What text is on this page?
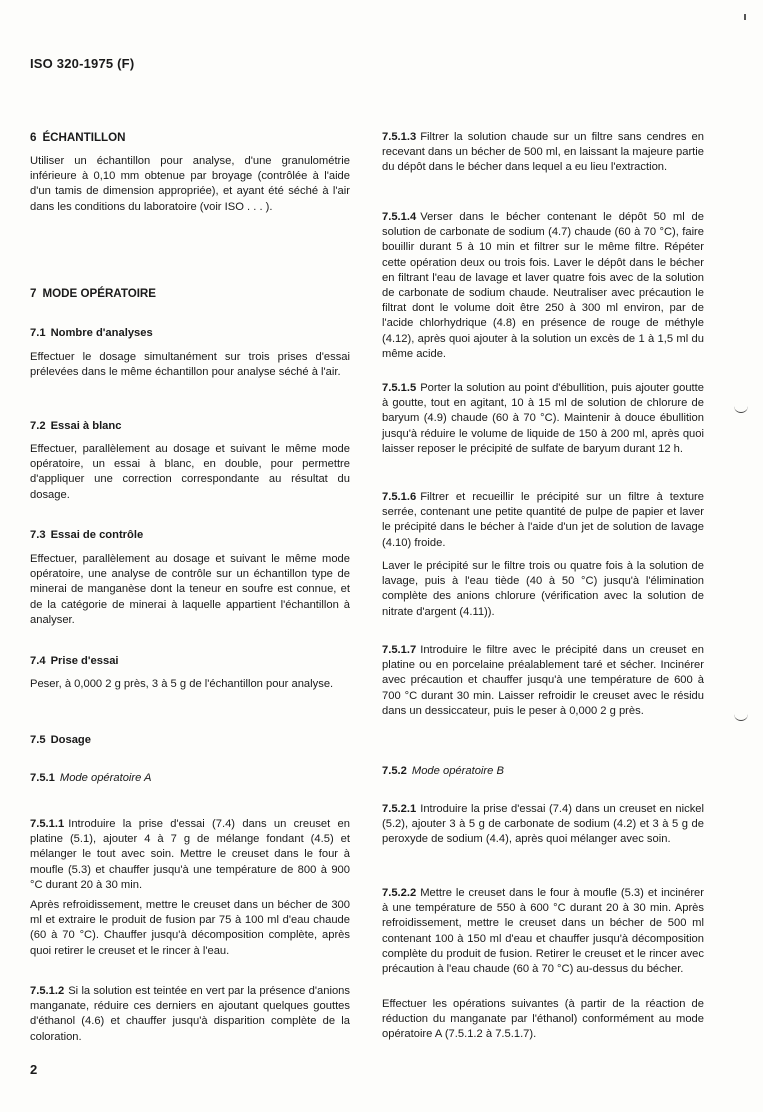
ISO 320-1975 (F)
6 ÉCHANTILLON
Utiliser un échantillon pour analyse, d'une granulométrie inférieure à 0,10 mm obtenue par broyage (contrôlée à l'aide d'un tamis de dimension appropriée), et ayant été séché à l'air dans les conditions du laboratoire (voir ISO . . . ).
7 MODE OPÉRATOIRE
7.1 Nombre d'analyses
Effectuer le dosage simultanément sur trois prises d'essai prélevées dans le même échantillon pour analyse séché à l'air.
7.2 Essai à blanc
Effectuer, parallèlement au dosage et suivant le même mode opératoire, un essai à blanc, en double, pour permettre d'appliquer une correction correspondante au résultat du dosage.
7.3 Essai de contrôle
Effectuer, parallèlement au dosage et suivant le même mode opératoire, une analyse de contrôle sur un échantillon type de minerai de manganèse dont la teneur en soufre est connue, et de la catégorie de minerai à laquelle appartient l'échantillon à analyser.
7.4 Prise d'essai
Peser, à 0,000 2 g près, 3 à 5 g de l'échantillon pour analyse.
7.5 Dosage
7.5.1 Mode opératoire A
7.5.1.1 Introduire la prise d'essai (7.4) dans un creuset en platine (5.1), ajouter 4 à 7 g de mélange fondant (4.5) et mélanger le tout avec soin. Mettre le creuset dans le four à moufle (5.3) et chauffer jusqu'à une température de 800 à 900 °C durant 20 à 30 min.
Après refroidissement, mettre le creuset dans un bécher de 300 ml et extraire le produit de fusion par 75 à 100 ml d'eau chaude (60 à 70 °C). Chauffer jusqu'à décomposition complète, après quoi retirer le creuset et le rincer à l'eau.
7.5.1.2 Si la solution est teintée en vert par la présence d'anions manganate, réduire ces derniers en ajoutant quelques gouttes d'éthanol (4.6) et chauffer jusqu'à disparition complète de la coloration.
7.5.1.3 Filtrer la solution chaude sur un filtre sans cendres en recevant dans un bécher de 500 ml, en laissant la majeure partie du dépôt dans le bécher dans lequel a eu lieu l'extraction.
7.5.1.4 Verser dans le bécher contenant le dépôt 50 ml de solution de carbonate de sodium (4.7) chaude (60 à 70 °C), faire bouillir durant 5 à 10 min et filtrer sur le même filtre. Répéter cette opération deux ou trois fois. Laver le dépôt dans le bécher en filtrant l'eau de lavage et laver quatre fois avec de la solution de carbonate de sodium chaude. Neutraliser avec précaution le filtrat dont le volume doit être 250 à 300 ml environ, par de l'acide chlorhydrique (4.8) en présence de rouge de méthyle (4.12), après quoi ajouter à la solution un excès de 1 à 1,5 ml du même acide.
7.5.1.5 Porter la solution au point d'ébullition, puis ajouter goutte à goutte, tout en agitant, 10 à 15 ml de solution de chlorure de baryum (4.9) chaude (60 à 70 °C). Maintenir à douce ébullition jusqu'à réduire le volume de liquide de 150 à 200 ml, après quoi laisser reposer le précipité de sulfate de baryum durant 12 h.
7.5.1.6 Filtrer et recueillir le précipité sur un filtre à texture serrée, contenant une petite quantité de pulpe de papier et laver le précipité dans le bécher à l'aide d'un jet de solution de lavage (4.10) froide.
Laver le précipité sur le filtre trois ou quatre fois à la solution de lavage, puis à l'eau tiède (40 à 50 °C) jusqu'à l'élimination complète des anions chlorure (vérification avec la solution de nitrate d'argent (4.11)).
7.5.1.7 Introduire le filtre avec le précipité dans un creuset en platine ou en porcelaine préalablement taré et sécher. Incinérer avec précaution et chauffer jusqu'à une température de 600 à 700 °C durant 30 min. Laisser refroidir le creuset avec le résidu dans un dessiccateur, puis le peser à 0,000 2 g près.
7.5.2 Mode opératoire B
7.5.2.1 Introduire la prise d'essai (7.4) dans un creuset en nickel (5.2), ajouter 3 à 5 g de carbonate de sodium (4.2) et 3 à 5 g de peroxyde de sodium (4.4), après quoi mélanger avec soin.
7.5.2.2 Mettre le creuset dans le four à moufle (5.3) et incinérer à une température de 550 à 600 °C durant 20 à 30 min. Après refroidissement, mettre le creuset dans un bécher de 500 ml contenant 100 à 150 ml d'eau et chauffer jusqu'à décomposition complète du produit de fusion. Retirer le creuset et le rincer avec précaution à l'eau chaude (60 à 70 °C) au-dessus du bécher.
Effectuer les opérations suivantes (à partir de la réaction de réduction du manganate par l'éthanol) conformément au mode opératoire A (7.5.1.2 à 7.5.1.7).
2
